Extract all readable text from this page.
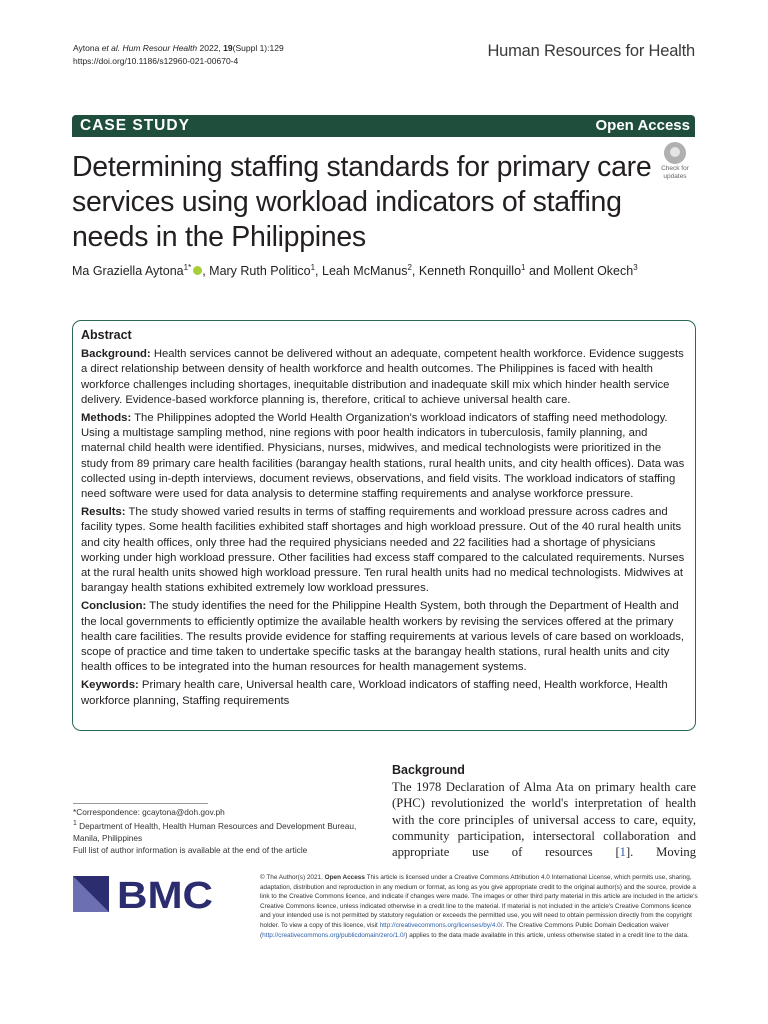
Aytona et al. Hum Resour Health 2022, 19(Suppl 1):129
https://doi.org/10.1186/s12960-021-00670-4
Human Resources for Health
CASE STUDY	Open Access
Determining staffing standards for primary care services using workload indicators of staffing needs in the Philippines
Check for
updates
Ma Graziella Aytona$^{1*}$ , Mary Ruth Politico$^1$, Leah McManus$^2$, Kenneth Ronquillo$^1$ and Mollent Okech$^3$
Abstract

Background: Health services cannot be delivered without an adequate, competent health workforce. Evidence suggests a direct relationship between density of health workforce and health outcomes. The Philippines is faced with health workforce challenges including shortages, inequitable distribution and inadequate skill mix which hinder health service delivery. Evidence-based workforce planning is, therefore, critical to achieve universal health care.

Methods: The Philippines adopted the World Health Organization's workload indicators of staffing need methodology. Using a multistage sampling method, nine regions with poor health indicators in tuberculosis, family planning, and maternal child health were identified. Physicians, nurses, midwives, and medical technologists were prioritized in the study from 89 primary care health facilities (barangay health stations, rural health units, and city health offices). Data was collected using in-depth interviews, document reviews, observations, and field visits. The workload indicators of staffing need software were used for data analysis to determine staffing requirements and analyse workforce pressure.

Results: The study showed varied results in terms of staffing requirements and workload pressure across cadres and facility types. Some health facilities exhibited staff shortages and high workload pressure. Out of the 40 rural health units and city health offices, only three had the required physicians needed and 22 facilities had a shortage of physicians working under high workload pressure. Other facilities had excess staff compared to the calculated requirements. Nurses at the rural health units showed high workload pressure. Ten rural health units had no medical technologists. Midwives at barangay health stations exhibited extremely low workload pressures.

Conclusion: The study identifies the need for the Philippine Health System, both through the Department of Health and the local governments to efficiently optimize the available health workers by revising the services offered at the primary health care facilities. The results provide evidence for staffing requirements at various levels of care based on workloads, scope of practice and time taken to undertake specific tasks at the barangay health stations, rural health units and city health offices to be integrated into the human resources for health management systems.

Keywords: Primary health care, Universal health care, Workload indicators of staffing need, Health workforce, Health workforce planning, Staffing requirements

*Correspondence: gcaytona@doh.gov.ph
$^1$ Department of Health, Health Human Resources and Development Bureau, Manila, Philippines
Full list of author information is available at the end of the article
Background
The 1978 Declaration of Alma Ata on primary health care (PHC) revolutionized the world's interpretation of health with the core principles of universal access to care, equity, community participation, intersectoral collaboration and appropriate use of resources [1]. Moving
BMC	© The Author(s) 2021. Open Access This article is licensed under a Creative Commons Attribution 4.0 International License, which permits use, sharing, adaptation, distribution and reproduction in any medium or format, as long as you give appropriate credit to the original author(s) and the source, provide a link to the Creative Commons licence, and indicate if changes were made. The images or other third party material in this article are included in the article's Creative Commons licence, unless indicated otherwise in a credit line to the material. If material is not included in the article's Creative Commons licence and your intended use is not permitted by statutory regulation or exceeds the permitted use, you will need to obtain permission directly from the copyright holder. To view a copy of this licence, visit http://creativecommons.org/licenses/by/4.0/. The Creative Commons Public Domain Dedication waiver (http://creativecommons.org/publicdomain/zero/1.0/) applies to the data made available in this article, unless otherwise stated in a credit line to the data.
